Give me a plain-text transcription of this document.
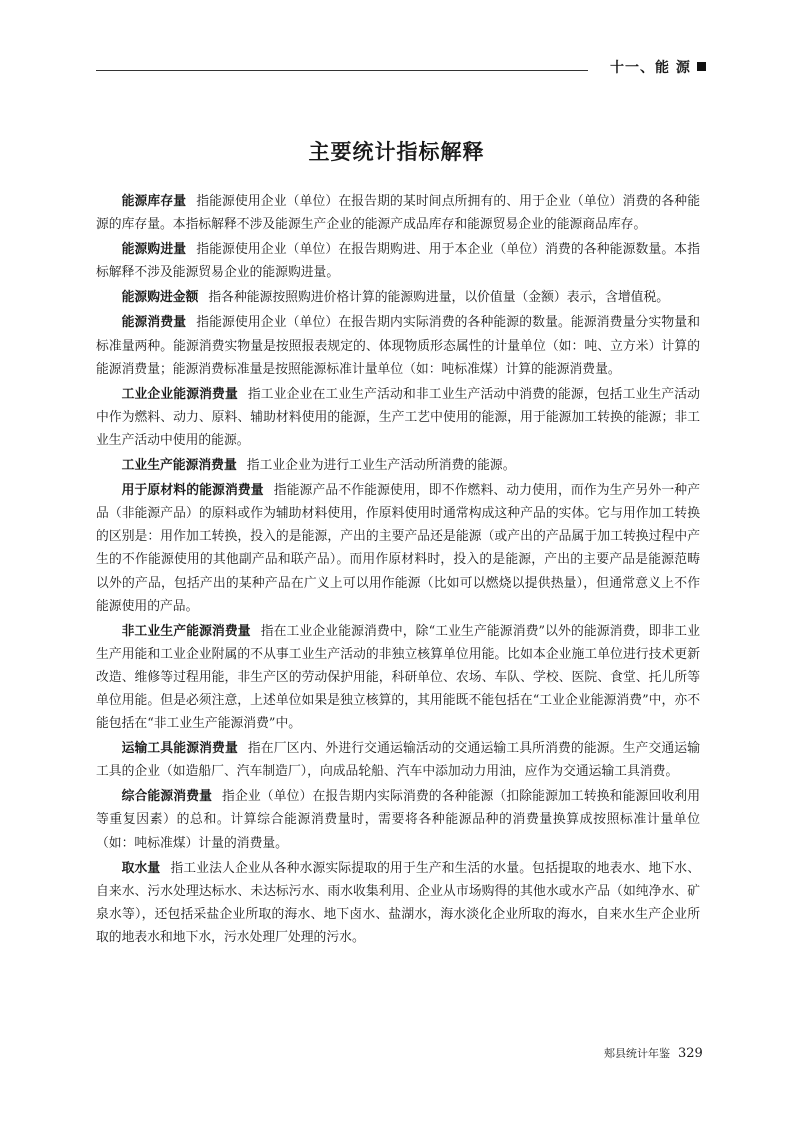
十一、能 源
主要统计指标解释

能源库存量 指能源使用企业（单位）在报告期的某时间点所拥有的、用于企业（单位）消费的各种能源的库存量。本指标解释不涉及能源生产企业的能源产成品库存和能源贸易企业的能源商品库存。

能源购进量 指能源使用企业（单位）在报告期购进、用于本企业（单位）消费的各种能源数量。本指标解释不涉及能源贸易企业的能源购进量。

能源购进金额 指各种能源按照购进价格计算的能源购进量，以价值量（金额）表示，含增值税。

能源消费量 指能源使用企业（单位）在报告期内实际消费的各种能源的数量。能源消费量分实物量和标准量两种。能源消费实物量是按照报表规定的、体现物质形态属性的计量单位（如：吨、立方米）计算的能源消费量；能源消费标准量是按照能源标准计量单位（如：吨标准煤）计算的能源消费量。

工业企业能源消费量 指工业企业在工业生产活动和非工业生产活动中消费的能源，包括工业生产活动中作为燃料、动力、原料、辅助材料使用的能源，生产工艺中使用的能源，用于能源加工转换的能源；非工业生产活动中使用的能源。

工业生产能源消费量 指工业企业为进行工业生产活动所消费的能源。

用于原材料的能源消费量 指能源产品不作能源使用，即不作燃料、动力使用，而作为生产另外一种产品（非能源产品）的原料或作为辅助材料使用，作原料使用时通常构成这种产品的实体。它与用作加工转换的区别是：用作加工转换，投入的是能源，产出的主要产品还是能源（或产出的产品属于加工转换过程中产生的不作能源使用的其他副产品和联产品）。而用作原材料时，投入的是能源，产出的主要产品是能源范畴以外的产品，包括产出的某种产品在广义上可以用作能源（比如可以燃烧以提供热量），但通常意义上不作能源使用的产品。

非工业生产能源消费量 指在工业企业能源消费中，除“工业生产能源消费”以外的能源消费，即非工业生产用能和工业企业附属的不从事工业生产活动的非独立核算单位用能。比如本企业施工单位进行技术更新改造、维修等过程用能，非生产区的劳动保护用能，科研单位、农场、车队、学校、医院、食堂、托儿所等单位用能。但是必须注意，上述单位如果是独立核算的，其用能既不能包括在“工业企业能源消费”中，亦不能包括在“非工业生产能源消费”中。

运输工具能源消费量 指在厂区内、外进行交通运输活动的交通运输工具所消费的能源。生产交通运输工具的企业（如造船厂、汽车制造厂），向成品轮船、汽车中添加动力用油，应作为交通运输工具消费。

综合能源消费量 指企业（单位）在报告期内实际消费的各种能源（扣除能源加工转换和能源回收利用等重复因素）的总和。计算综合能源消费量时，需要将各种能源品种的消费量换算成按照标准计量单位（如：吨标准煤）计量的消费量。

取水量 指工业法人企业从各种水源实际提取的用于生产和生活的水量。包括提取的地表水、地下水、自来水、污水处理达标水、未达标污水、雨水收集利用、企业从市场购得的其他水或水产品（如纯净水、矿泉水等），还包括采盐企业所取的海水、地下卤水、盐湖水，海水淡化企业所取的海水，自来水生产企业所取的地表水和地下水，污水处理厂处理的污水。

郏县统计年鉴 329
